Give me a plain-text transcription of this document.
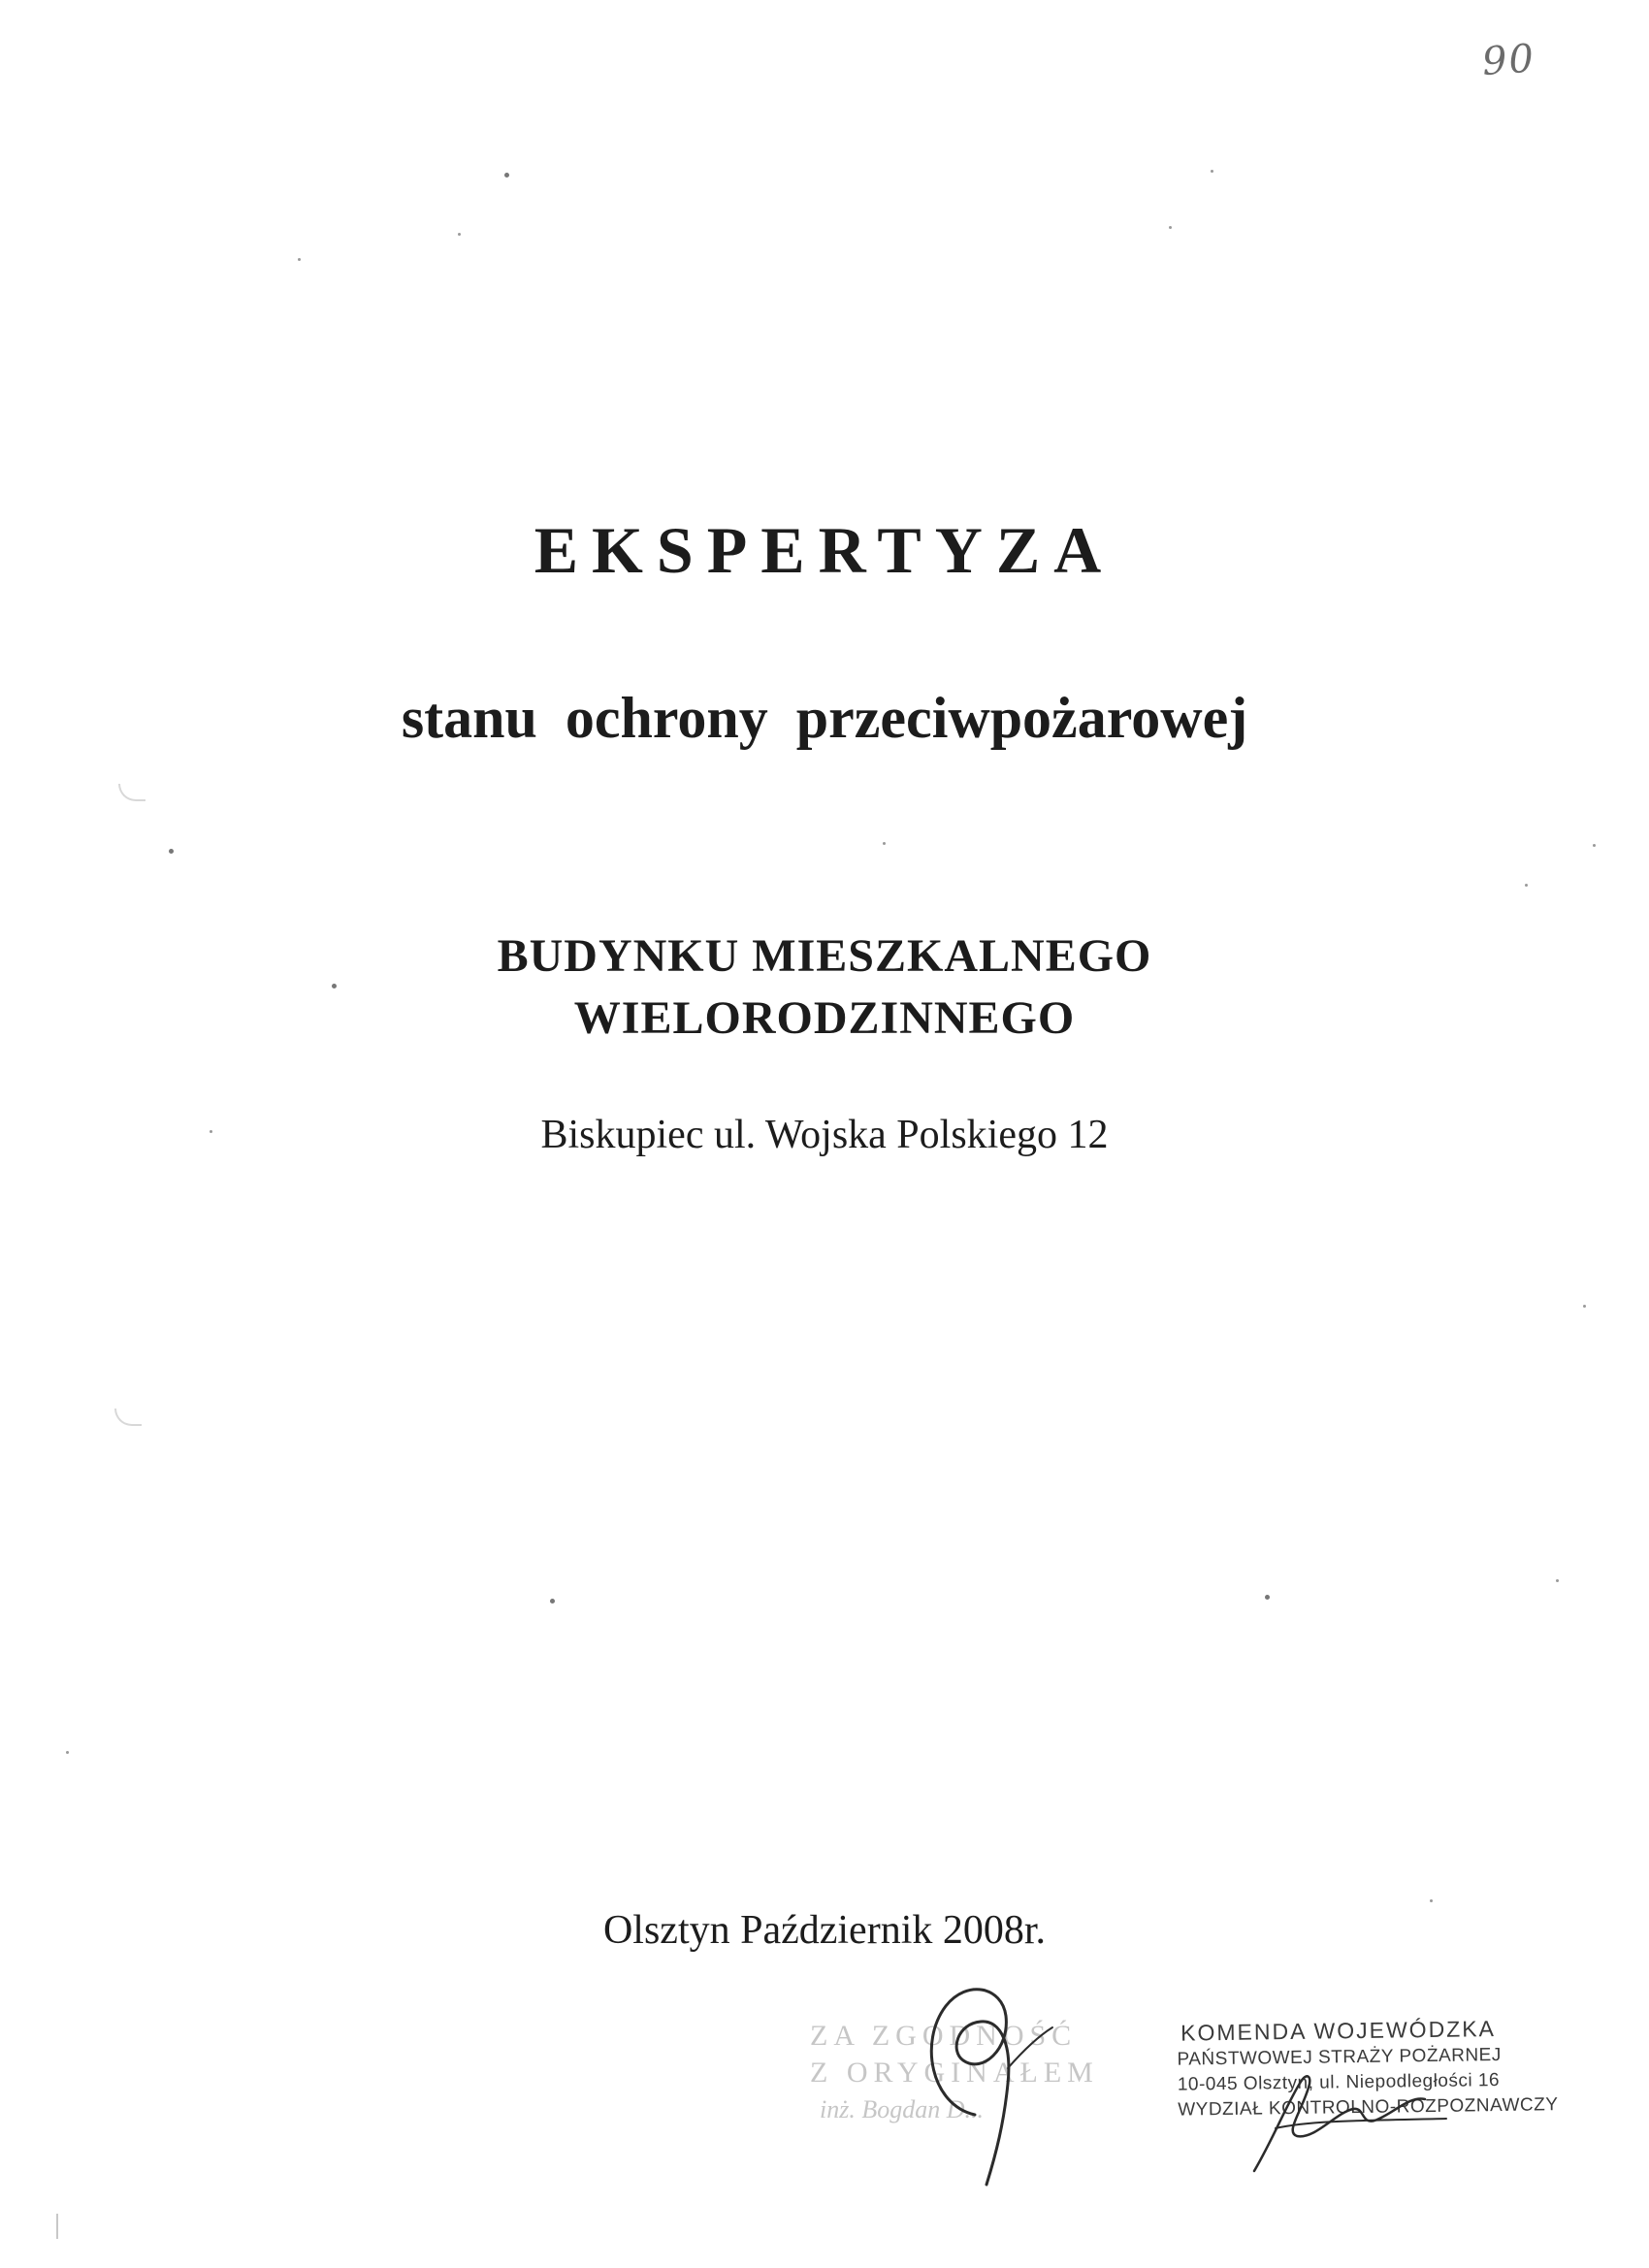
90
EKSPERTYZA
stanu ochrony przeciwpożarowej
BUDYNKU MIESZKALNEGO
WIELORODZINNEGO
Biskupiec ul. Wojska Polskiego 12
Olsztyn Październik 2008r.
ZA ZGODNOŚĆ
Z ORYGINAŁEM
inż. Bogdan D...
KOMENDA WOJEWÓDZKA
PAŃSTWOWEJ STRAŻY POŻARNEJ
10-045 Olsztyn, ul. Niepodległości 16
WYDZIAŁ KONTROLNO-ROZPOZNAWCZY
